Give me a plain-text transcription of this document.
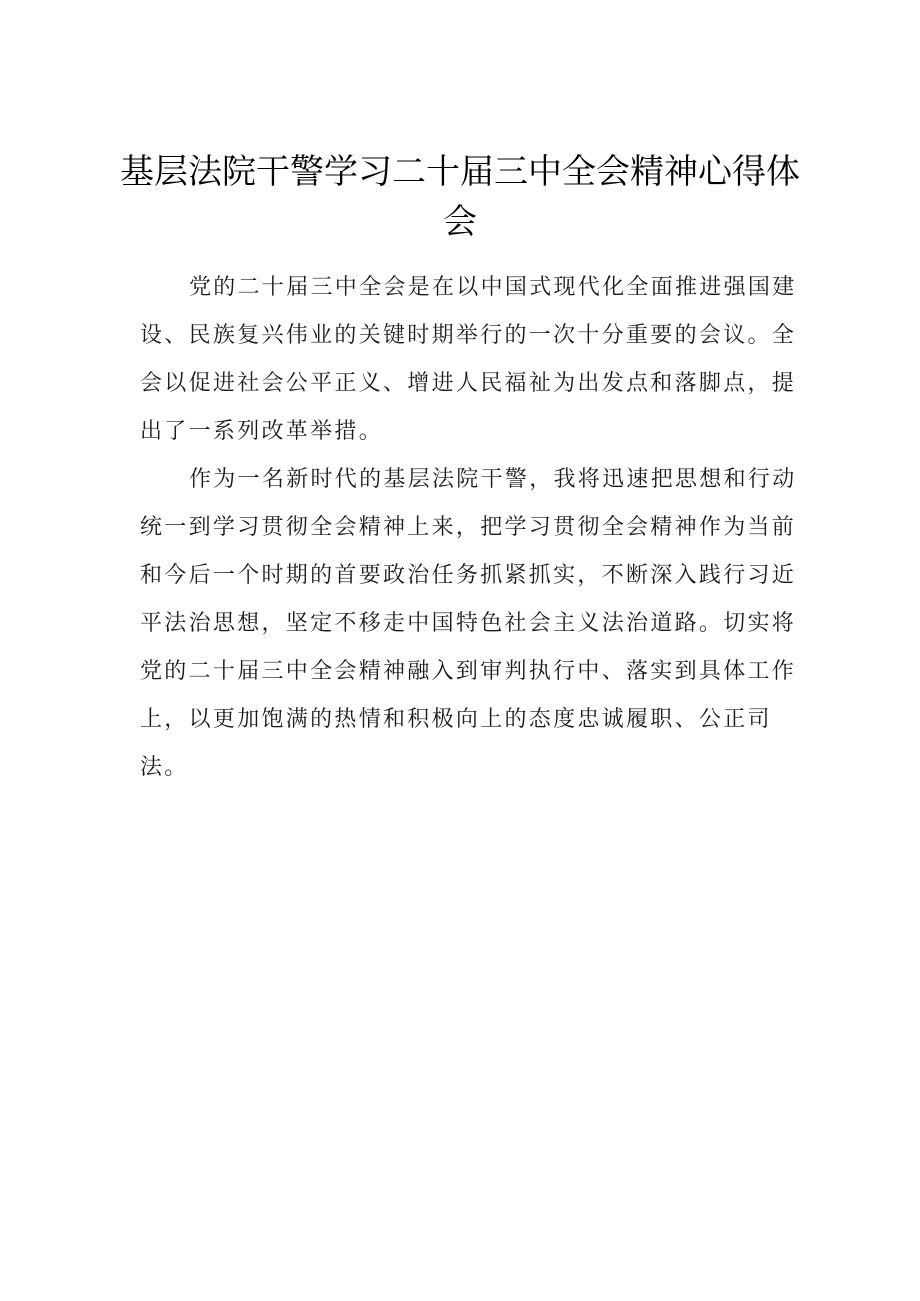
基层法院干警学习二十届三中全会精神心得体会

党的二十届三中全会是在以中国式现代化全面推进强国建设、民族复兴伟业的关键时期举行的一次十分重要的会议。全会以促进社会公平正义、增进人民福祉为出发点和落脚点，提出了一系列改革举措。

作为一名新时代的基层法院干警，我将迅速把思想和行动统一到学习贯彻全会精神上来，把学习贯彻全会精神作为当前和今后一个时期的首要政治任务抓紧抓实，不断深入践行习近平法治思想，坚定不移走中国特色社会主义法治道路。切实将党的二十届三中全会精神融入到审判执行中、落实到具体工作上，以更加饱满的热情和积极向上的态度忠诚履职、公正司法。
